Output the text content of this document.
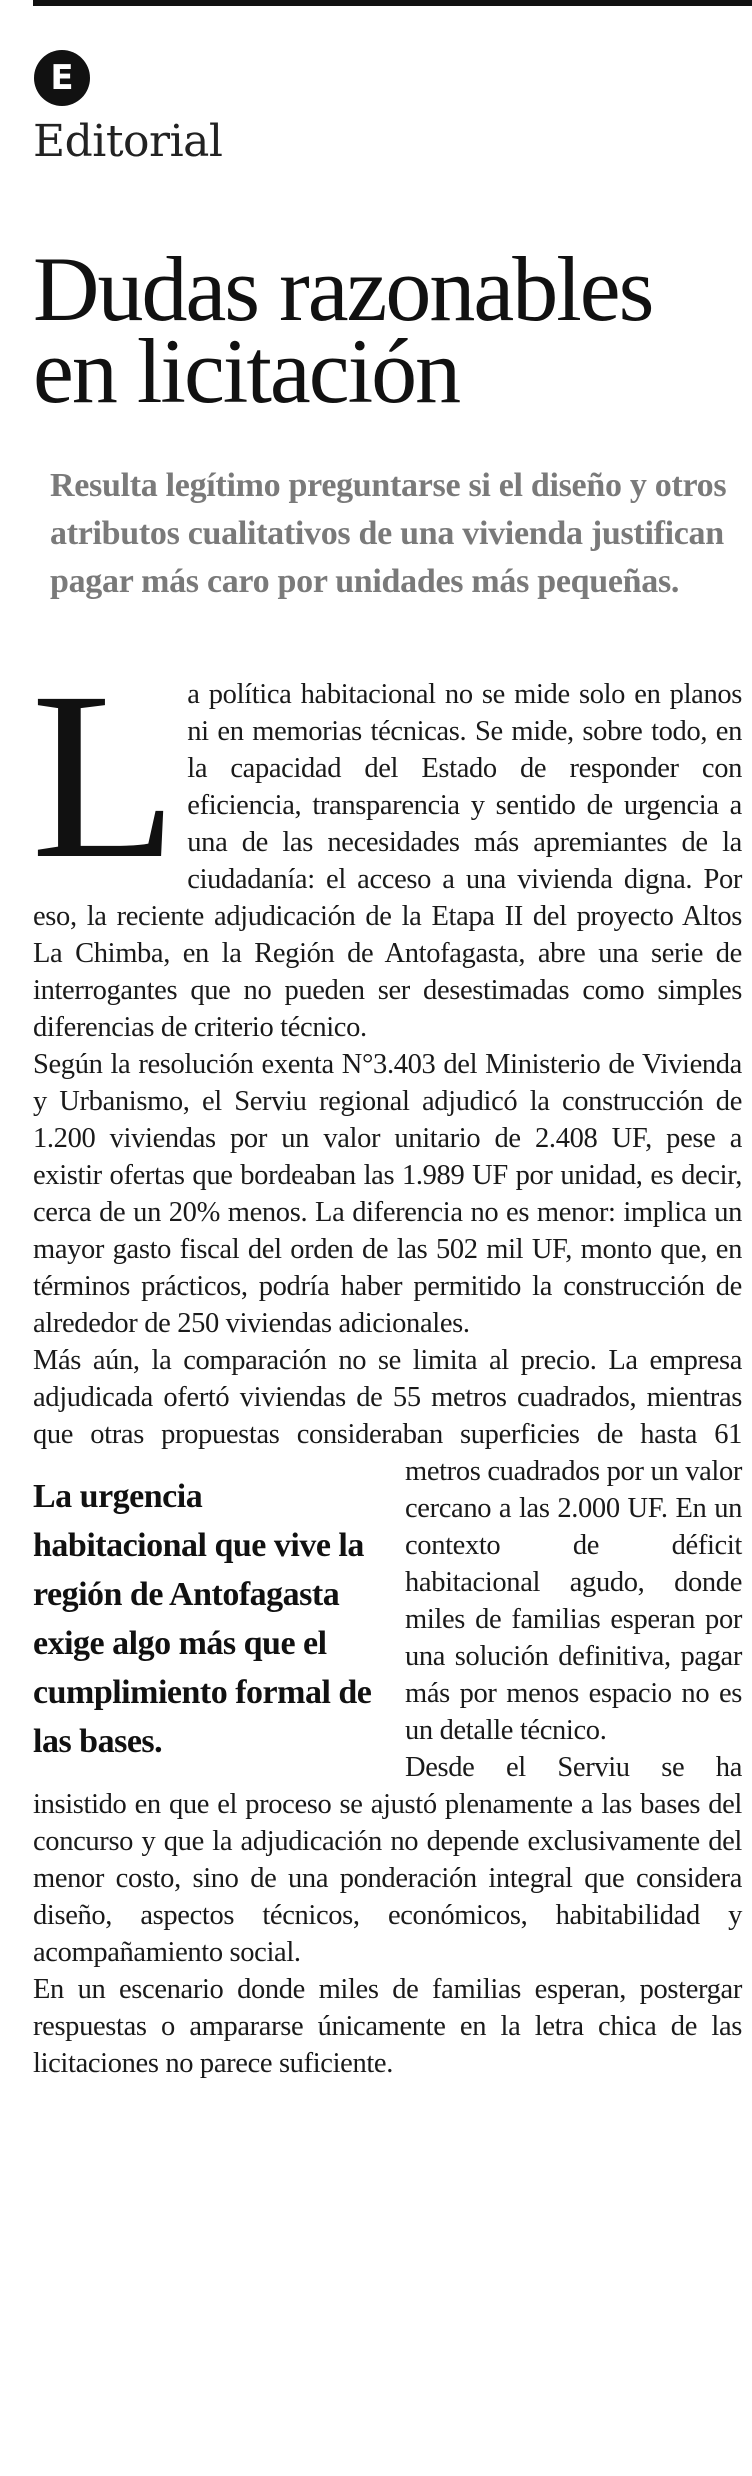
E
Editorial
Dudas razonables en licitación

Resulta legítimo preguntarse si el diseño y otros atributos cualitativos de una vivienda justifican pagar más caro por unidades más pequeñas.

La política habitacional no se mide solo en planos ni en memorias técnicas. Se mide, sobre todo, en la capacidad del Estado de responder con eficiencia, transparencia y sentido de urgencia a una de las necesidades más apremiantes de la ciudadanía: el acceso a una vivienda digna. Por eso, la reciente adjudicación de la Etapa II del proyecto Altos La Chimba, en la Región de Antofagasta, abre una serie de interrogantes que no pueden ser desestimadas como simples diferencias de criterio técnico.

La urgencia habitacional que vive la región de Antofagasta exige algo más que el cumplimiento formal de las bases.

Según la resolución exenta N°3.403 del Ministerio de Vivienda y Urbanismo, el Serviu regional adjudicó la construcción de 1.200 viviendas por un valor unitario de 2.408 UF, pese a existir ofertas que bordeaban las 1.989 UF por unidad, es decir, cerca de un 20% menos. La diferencia no es menor: implica un mayor gasto fiscal del orden de las 502 mil UF, monto que, en términos prácticos, podría haber permitido la construcción de alrededor de 250 viviendas adicionales.

Más aún, la comparación no se limita al precio. La empresa adjudicada ofertó viviendas de 55 metros cuadrados, mientras que otras propuestas consideraban superficies de hasta 61 metros cuadrados por un valor cercano a las 2.000 UF. En un contexto de déficit habitacional agudo, donde miles de familias esperan por una solución definitiva, pagar más por menos espacio no es un detalle técnico.

Desde el Serviu se ha insistido en que el proceso se ajustó plenamente a las bases del concurso y que la adjudicación no depende exclusivamente del menor costo, sino de una ponderación integral que considera diseño, aspectos técnicos, económicos, habitabilidad y acompañamiento social.

En un escenario donde miles de familias esperan, postergar respuestas o ampararse únicamente en la letra chica de las licitaciones no parece suficiente.
